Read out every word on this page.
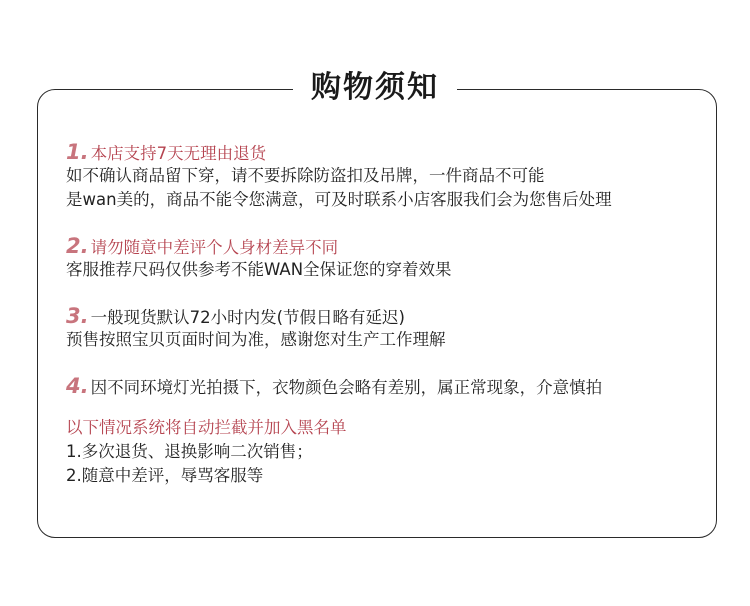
购物须知
1. 本店支持7天无理由退货
如不确认商品留下穿，请不要拆除防盗扣及吊牌，一件商品不可能
是wan美的，商品不能令您满意，可及时联系小店客服我们会为您售后处理
2. 请勿随意中差评个人身材差异不同
客服推荐尺码仅供参考不能WAN全保证您的穿着效果
3. 一般现货默认72小时内发(节假日略有延迟)
预售按照宝贝页面时间为准，感谢您对生产工作理解
4. 因不同环境灯光拍摄下，衣物颜色会略有差别，属正常现象，介意慎拍
以下情况系统将自动拦截并加入黑名单
1.多次退货、退换影响二次销售；
2.随意中差评，辱骂客服等
